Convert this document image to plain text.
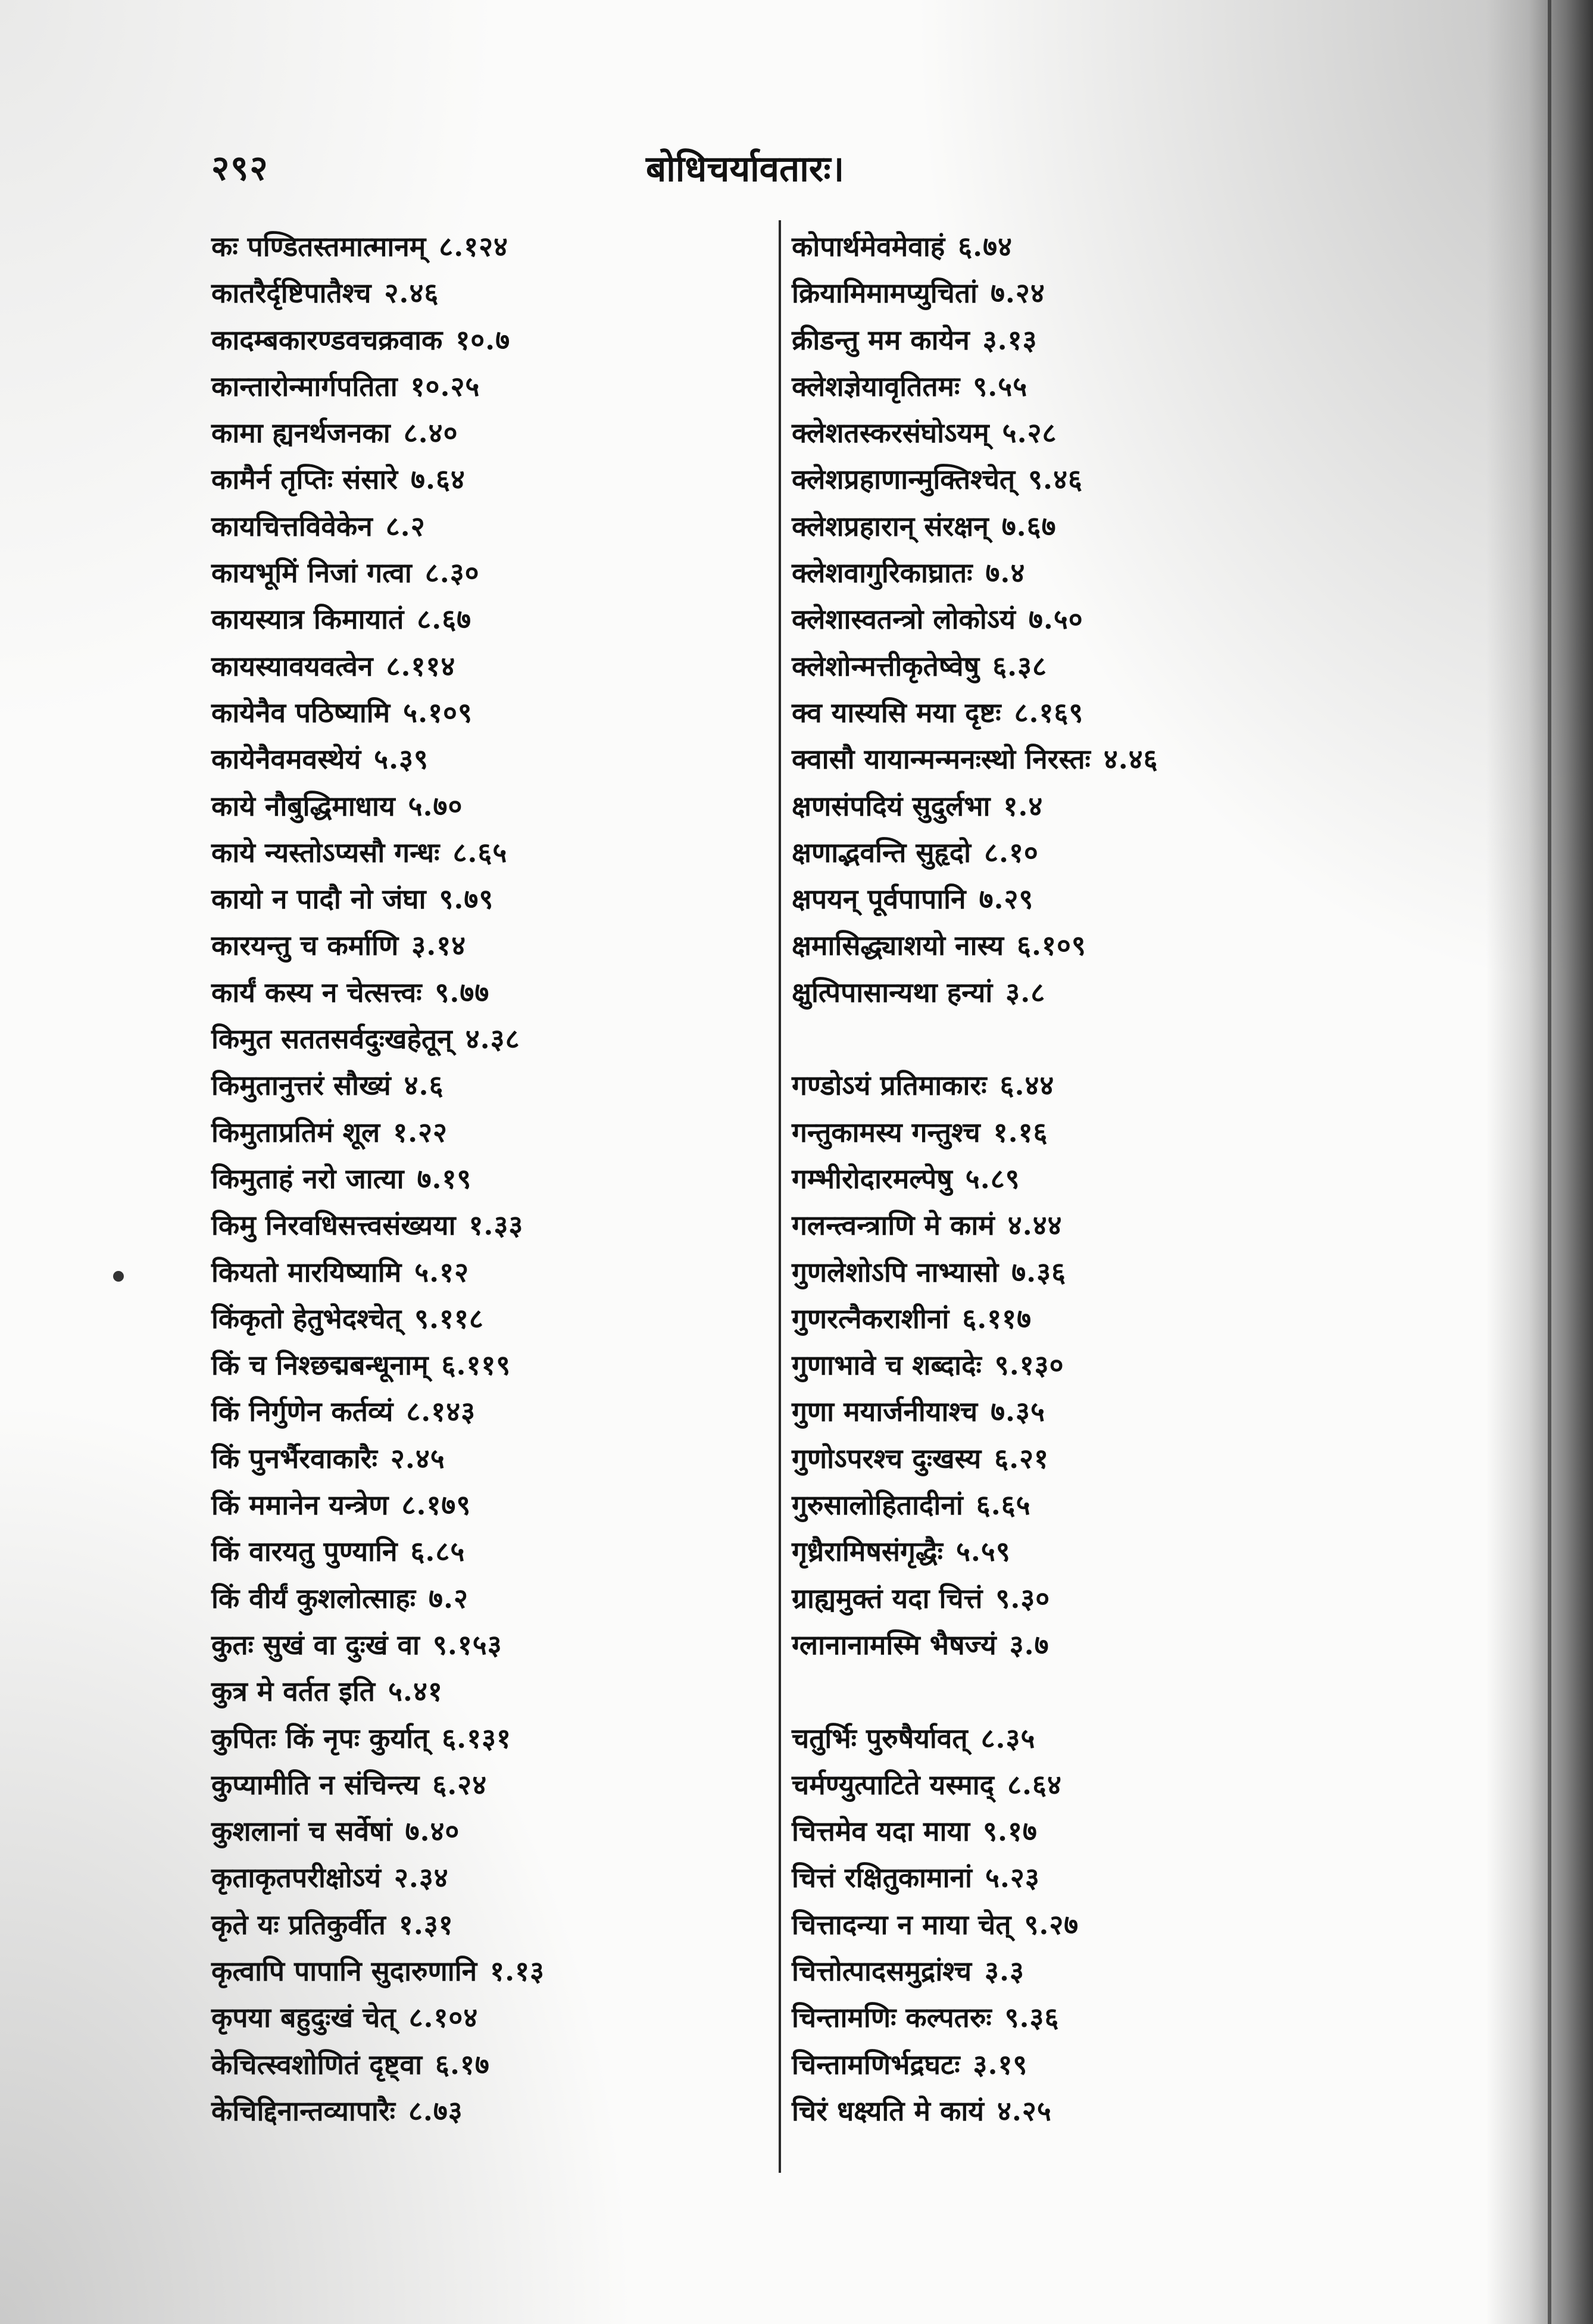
२९२	बोधिचर्यावतारः।
कः पण्डितस्तमात्मानम् ८.१२४
कातरैर्दृष्टिपातैश्च २.४६
कादम्बकारण्डवचक्रवाक १०.७
कान्तारोन्मार्गपतिता १०.२५
कामा ह्यनर्थजनका ८.४०
कामैर्न तृप्तिः संसारे ७.६४
कायचित्तविवेकेन ८.२
कायभूमिं निजां गत्वा ८.३०
कायस्यात्र किमायातं ८.६७
कायस्यावयवत्वेन ८.११४
कायेनैव पठिष्यामि ५.१०९
कायेनैवमवस्थेयं ५.३९
काये नौबुद्धिमाधाय ५.७०
काये न्यस्तोऽप्यसौ गन्धः ८.६५
कायो न पादौ नो जंघा ९.७९
कारयन्तु च कर्माणि ३.१४
कार्यं कस्य न चेत्सत्त्वः ९.७७
किमुत सततसर्वदुःखहेतून् ४.३८
किमुतानुत्तरं सौख्यं ४.६
किमुताप्रतिमं शूल १.२२
किमुताहं नरो जात्या ७.१९
किमु निरवधिसत्त्वसंख्यया १.३३
कियतो मारयिष्यामि ५.१२
किंकृतो हेतुभेदश्चेत् ९.११८
किं च निश्छद्मबन्धूनाम् ६.११९
किं निर्गुणेन कर्तव्यं ८.१४३
किं पुनर्भैरवाकारैः २.४५
किं ममानेन यन्त्रेण ८.१७९
किं वारयतु पुण्यानि ६.८५
किं वीर्यं कुशलोत्साहः ७.२
कुतः सुखं वा दुःखं वा ९.१५३
कुत्र मे वर्तत इति ५.४१
कुपितः किं नृपः कुर्यात् ६.१३१
कुप्यामीति न संचिन्त्य ६.२४
कुशलानां च सर्वेषां ७.४०
कृताकृतपरीक्षोऽयं २.३४
कृते यः प्रतिकुर्वीत १.३१
कृत्वापि पापानि सुदारुणानि १.१३
कृपया बहुदुःखं चेत् ८.१०४
केचित्स्वशोणितं दृष्ट्वा ६.१७
केचिद्दिनान्तव्यापारैः ८.७३
कोपार्थमेवमेवाहं ६.७४
क्रियामिमामप्युचितां ७.२४
क्रीडन्तु मम कायेन ३.१३
क्लेशज्ञेयावृतितमः ९.५५
क्लेशतस्करसंघोऽयम् ५.२८
क्लेशप्रहाणान्मुक्तिश्चेत् ९.४६
क्लेशप्रहारान् संरक्षन् ७.६७
क्लेशवागुरिकाघ्रातः ७.४
क्लेशास्वतन्त्रो लोकोऽयं ७.५०
क्लेशोन्मत्तीकृतेष्वेषु ६.३८
क्व यास्यसि मया दृष्टः ८.१६९
क्वासौ यायान्मन्मनःस्थो निरस्तः ४.४६
क्षणसंपदियं सुदुर्लभा १.४
क्षणाद्भवन्ति सुहृदो ८.१०
क्षपयन् पूर्वपापानि ७.२९
क्षमासिद्ध्याशयो नास्य ६.१०९
क्षुत्पिपासान्यथा हन्यां ३.८
गण्डोऽयं प्रतिमाकारः ६.४४
गन्तुकामस्य गन्तुश्च १.१६
गम्भीरोदारमल्पेषु ५.८९
गलन्त्वन्त्राणि मे कामं ४.४४
गुणलेशोऽपि नाभ्यासो ७.३६
गुणरत्नैकराशीनां ६.११७
गुणाभावे च शब्दादेः ९.१३०
गुणा मयार्जनीयाश्च ७.३५
गुणोऽपरश्च दुःखस्य ६.२१
गुरुसालोहितादीनां ६.६५
गृध्रैरामिषसंगृद्धैः ५.५९
ग्राह्यमुक्तं यदा चित्तं ९.३०
ग्लानानामस्मि भैषज्यं ३.७
चतुर्भिः पुरुषैर्यावत् ८.३५
चर्मण्युत्पाटिते यस्माद् ८.६४
चित्तमेव यदा माया ९.१७
चित्तं रक्षितुकामानां ५.२३
चित्तादन्या न माया चेत् ९.२७
चित्तोत्पादसमुद्रांश्च ३.३
चिन्तामणिः कल्पतरुः ९.३६
चिन्तामणिर्भद्रघटः ३.१९
चिरं धक्ष्यति मे कायं ४.२५
